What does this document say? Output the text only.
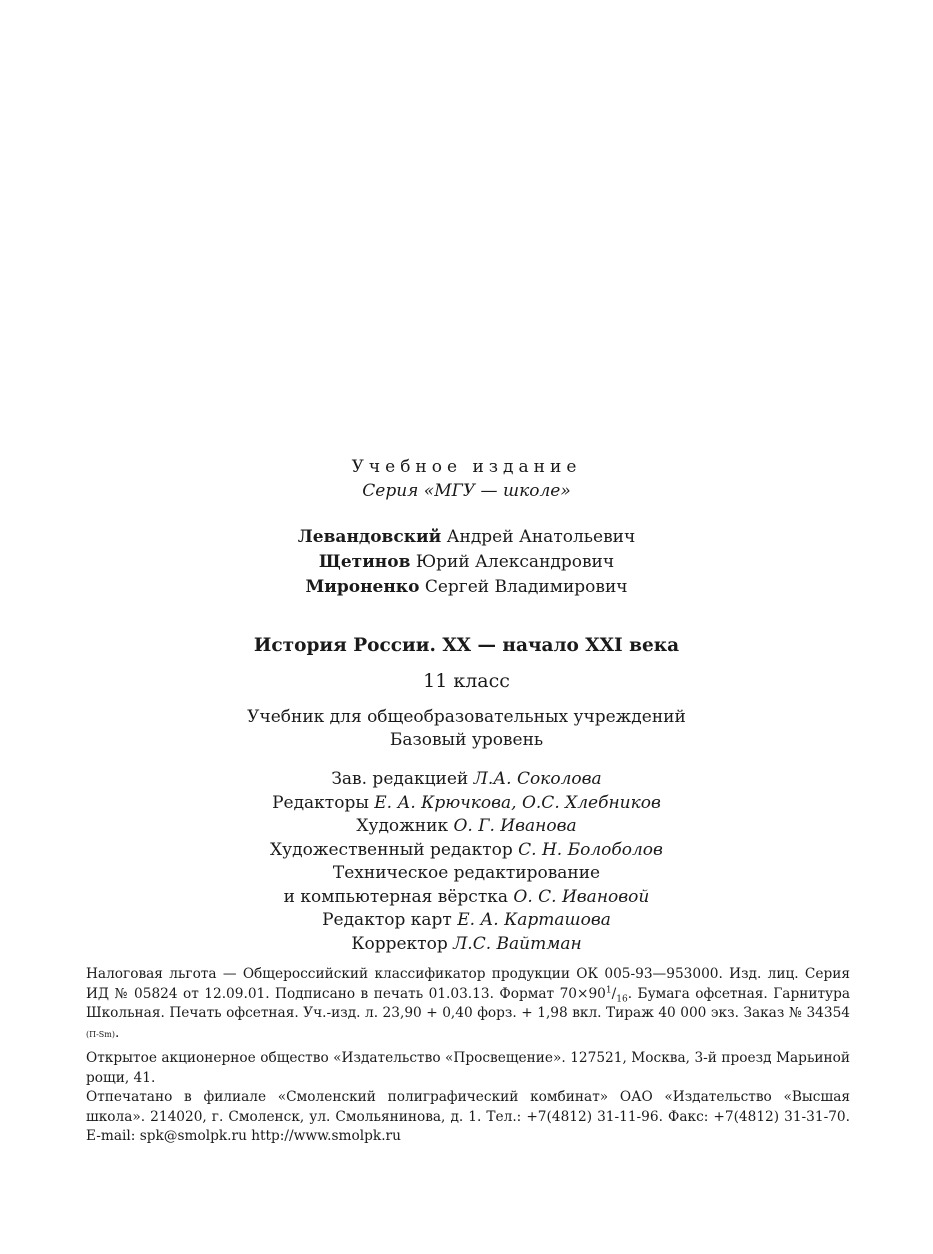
Учебное издание
Серия «МГУ — школе»
Левандовский Андрей Анатольевич
Щетинов Юрий Александрович
Мироненко Сергей Владимирович
История России. XX — начало XXI века
11 класс
Учебник для общеобразовательных учреждений
Базовый уровень
Зав. редакцией Л.А. Соколова
Редакторы Е. А. Крючкова, О.С. Хлебников
Художник О. Г. Иванова
Художественный редактор С. Н. Болоболов
Техническое редактирование
и компьютерная вёрстка О. С. Ивановой
Редактор карт Е. А. Карташова
Корректор Л.С. Вайтман

Налоговая льгота — Общероссийский классификатор продукции ОК 005-93—953000. Изд. лиц. Серия ИД № 05824 от 12.09.01. Подписано в печать 01.03.13. Формат $70\times 90^1/_{16}$. Бумага офсетная. Гарнитура Школьная. Печать офсетная. Уч.-изд. л. 23,90 + 0,40 форз. + 1,98 вкл. Тираж 40 000 экз. Заказ № 34354 (П-Sm).

Открытое акционерное общество «Издательство «Просвещение». 127521, Москва, 3-й проезд Марьиной рощи, 41.

Отпечатано в филиале «Смоленский полиграфический комбинат» ОАО «Издательство «Высшая школа». 214020, г. Смоленск, ул. Смольянинова, д. 1. Тел.: +7(4812) 31-11-96. Факс: +7(4812) 31-31-70. E-mail: spk@smolpk.ru http://www.smolpk.ru
